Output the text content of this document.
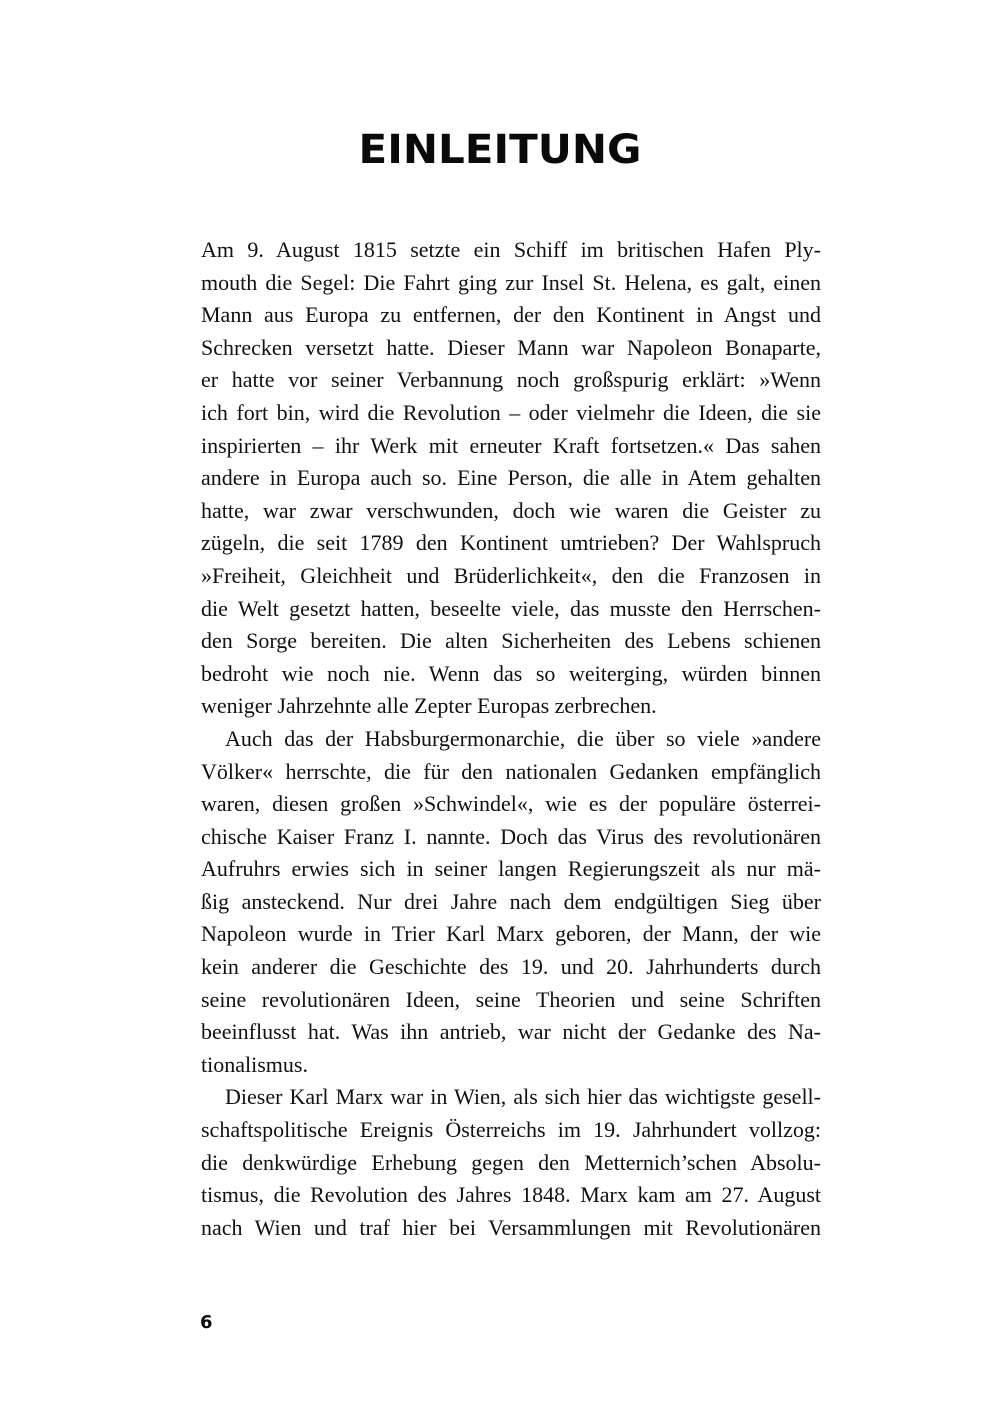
EINLEITUNG
Am 9. August 1815 setzte ein Schiff im britischen Hafen Ply-
mouth die Segel: Die Fahrt ging zur Insel St. Helena, es galt, einen
Mann aus Europa zu entfernen, der den Kontinent in Angst und
Schrecken versetzt hatte. Dieser Mann war Napoleon Bonaparte,
er hatte vor seiner Verbannung noch großspurig erklärt: »Wenn
ich fort bin, wird die Revolution – oder vielmehr die Ideen, die sie
inspirierten – ihr Werk mit erneuter Kraft fortsetzen.« Das sahen
andere in Europa auch so. Eine Person, die alle in Atem gehalten
hatte, war zwar verschwunden, doch wie waren die Geister zu
zügeln, die seit 1789 den Kontinent umtrieben? Der Wahlspruch
»Freiheit, Gleichheit und Brüderlichkeit«, den die Franzosen in
die Welt gesetzt hatten, beseelte viele, das musste den Herrschen-
den Sorge bereiten. Die alten Sicherheiten des Lebens schienen
bedroht wie noch nie. Wenn das so weiterging, würden binnen
weniger Jahrzehnte alle Zepter Europas zerbrechen.
Auch das der Habsburgermonarchie, die über so viele »andere
Völker« herrschte, die für den nationalen Gedanken empfänglich
waren, diesen großen »Schwindel«, wie es der populäre österrei-
chische Kaiser Franz I. nannte. Doch das Virus des revolutionären
Aufruhrs erwies sich in seiner langen Regierungszeit als nur mä-
ßig ansteckend. Nur drei Jahre nach dem endgültigen Sieg über
Napoleon wurde in Trier Karl Marx geboren, der Mann, der wie
kein anderer die Geschichte des 19. und 20. Jahrhunderts durch
seine revolutionären Ideen, seine Theorien und seine Schriften
beeinflusst hat. Was ihn antrieb, war nicht der Gedanke des Na-
tionalismus.
Dieser Karl Marx war in Wien, als sich hier das wichtigste gesell-
schaftspolitische Ereignis Österreichs im 19. Jahrhundert vollzog:
die denkwürdige Erhebung gegen den Metternich’schen Absolu-
tismus, die Revolution des Jahres 1848. Marx kam am 27. August
nach Wien und traf hier bei Versammlungen mit Revolutionären
6
